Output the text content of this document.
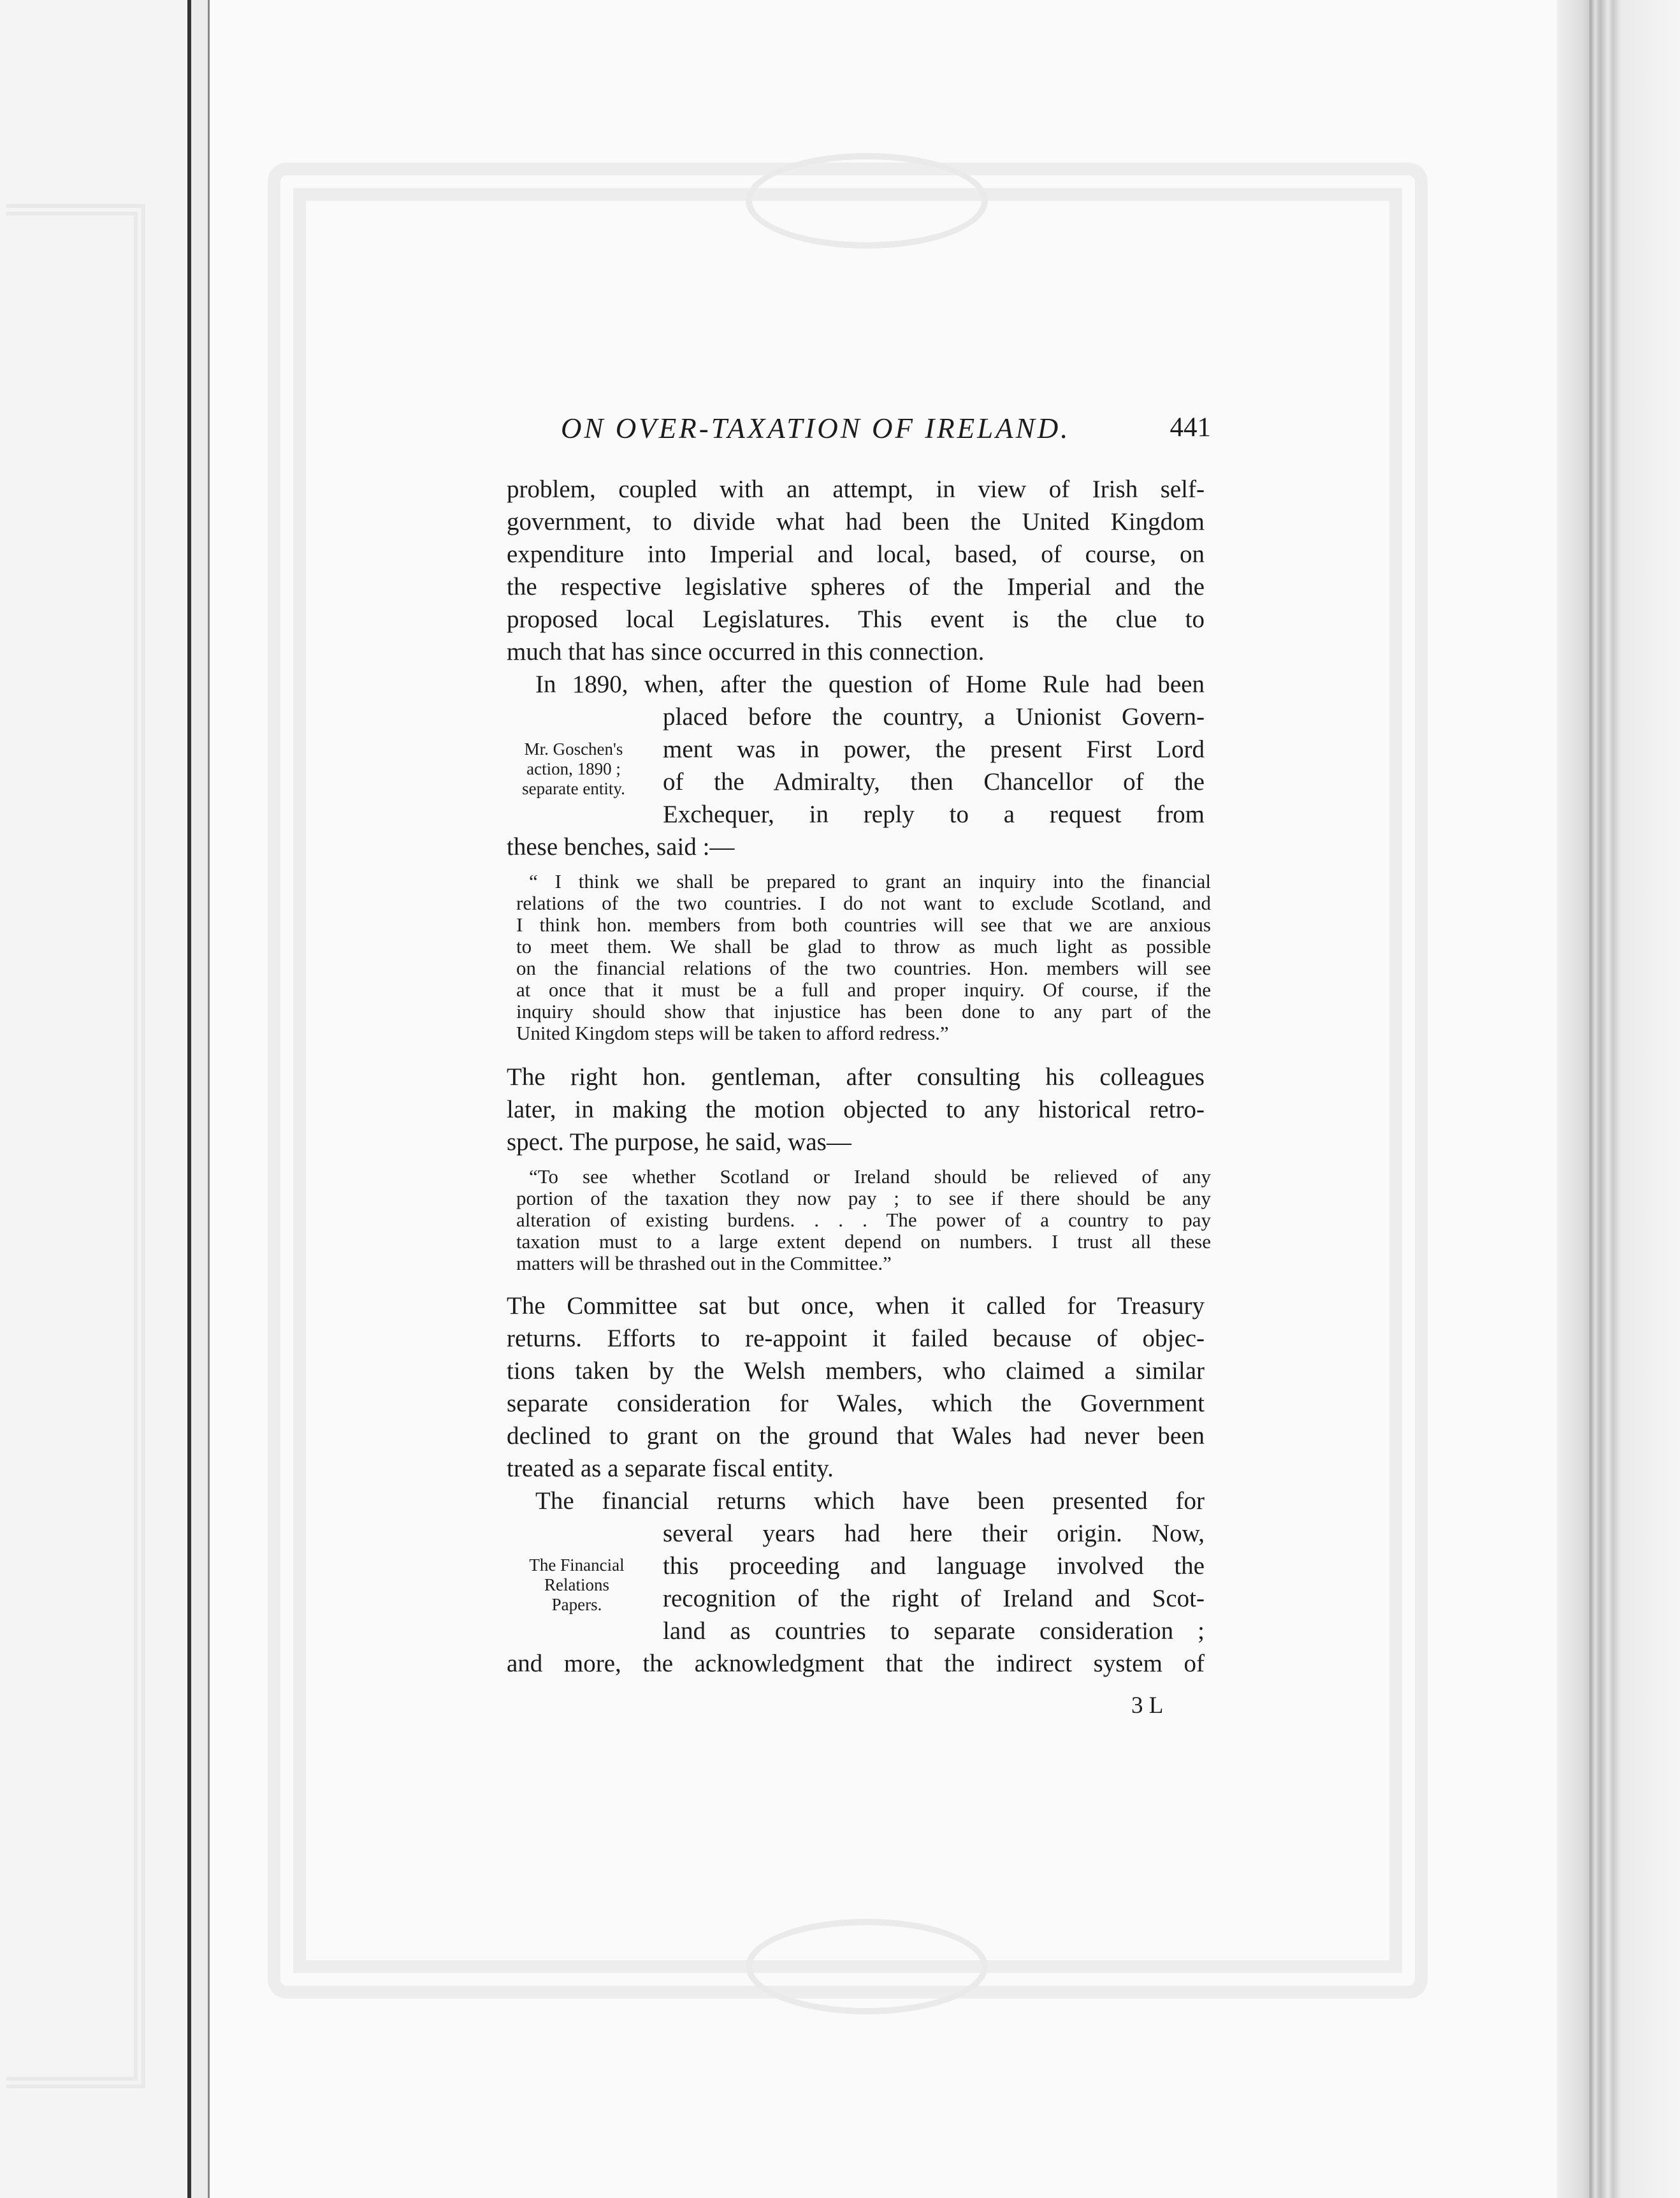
ON OVER-TAXATION OF IRELAND.	441
problem, coupled with an attempt, in view of Irish self-
government, to divide what had been the United Kingdom
expenditure into Imperial and local, based, of course, on
the respective legislative spheres of the Imperial and the
proposed local Legislatures. This event is the clue to
much that has since occurred in this connection.
In 1890, when, after the question of Home Rule had been
placed before the country, a Unionist Govern-
ment was in power, the present First Lord
of the Admiralty, then Chancellor of the
Exchequer, in reply to a request from
these benches, said :—
Mr. Goschen's
action, 1890 ;
separate entity.
“ I think we shall be prepared to grant an inquiry into the financial
relations of the two countries. I do not want to exclude Scotland, and
I think hon. members from both countries will see that we are anxious
to meet them. We shall be glad to throw as much light as possible
on the financial relations of the two countries. Hon. members will see
at once that it must be a full and proper inquiry. Of course, if the
inquiry should show that injustice has been done to any part of the
United Kingdom steps will be taken to afford redress.”
The right hon. gentleman, after consulting his colleagues
later, in making the motion objected to any historical retro-
spect. The purpose, he said, was—
“To see whether Scotland or Ireland should be relieved of any
portion of the taxation they now pay ; to see if there should be any
alteration of existing burdens. . . . The power of a country to pay
taxation must to a large extent depend on numbers. I trust all these
matters will be thrashed out in the Committee.”
The Committee sat but once, when it called for Treasury
returns. Efforts to re-appoint it failed because of objec-
tions taken by the Welsh members, who claimed a similar
separate consideration for Wales, which the Government
declined to grant on the ground that Wales had never been
treated as a separate fiscal entity.
The financial returns which have been presented for
several years had here their origin. Now,
this proceeding and language involved the
recognition of the right of Ireland and Scot-
land as countries to separate consideration ;
and more, the acknowledgment that the indirect system of
The Financial
Relations
Papers.
3 L
